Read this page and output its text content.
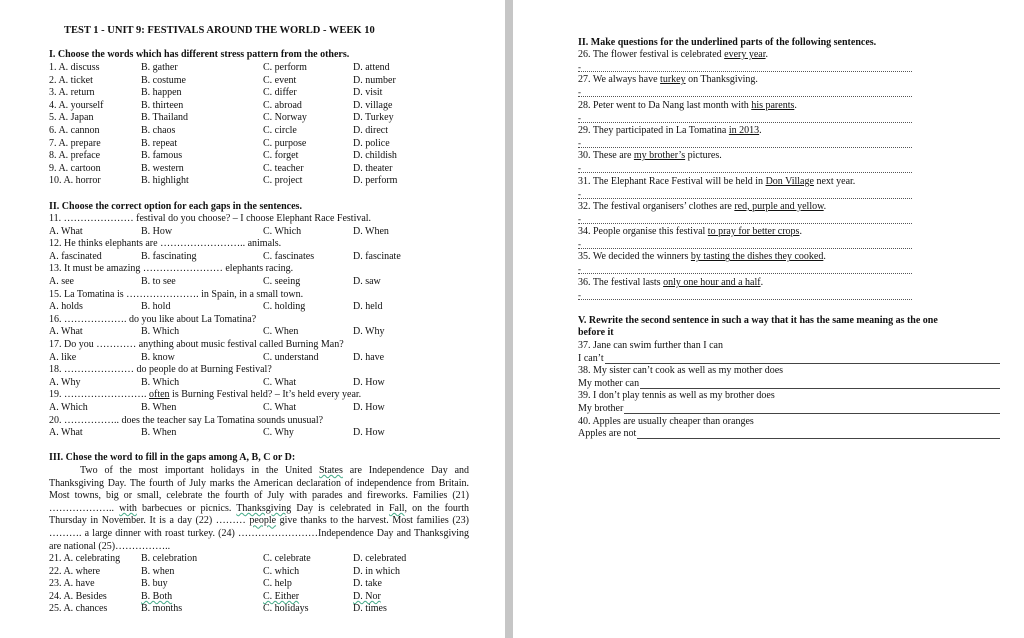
TEST 1 - UNIT 9: FESTIVALS AROUND THE WORLD - WEEK 10
I. Choose the words which has different stress pattern from the others.
1. A. discuss	B. gather	C. perform	D. attend
2. A. ticket	B. costume	C. event	D. number
3. A. return	B. happen	C. differ	D. visit
4. A. yourself	B. thirteen	C. abroad	D. village
5. A. Japan	B. Thailand	C. Norway	D. Turkey
6. A. cannon	B. chaos	C. circle	D. direct
7. A. prepare	B. repeat	C. purpose	D. police
8. A. preface	B. famous	C. forget	D. childish
9. A. cartoon	B. western	C. teacher	D. theater
10. A. horror	B. highlight	C. project	D. perform
II. Choose the correct option for each gaps in the sentences.
11. ………………… festival do you choose? – I choose Elephant Race Festival.
A. What	B. How	C. Which	D. When
12. He thinks elephants are …………………….. animals.
A. fascinated	B. fascinating	C. fascinates	D. fascinate
13. It must be amazing …………………… elephants racing.
A. see	B. to see	C. seeing	D. saw
15. La Tomatina is …………………. in Spain, in a small town.
A. holds	B. hold	C. holding	D. held
16. ………………. do you like about La Tomatina?
A. What	B. Which	C. When	D. Why
17. Do you ………… anything about music festival called Burning Man?
A. like	B. know	C. understand	D. have
18. ………………… do people do at Burning Festival?
A. Why	B. Which	C. What	D. How
19. ……………………. often is Burning Festival held? – It’s held every year.
A. Which	B. When	C. What	D. How
20. …………….. does the teacher say La Tomatina sounds unusual?
A. What	B. When	C. Why	D. How
III. Chose the word to fill in the gaps among A, B, C or D:
Two of the most important holidays in the United States are Independence Day and Thanksgiving Day. The fourth of July marks the American declaration of independence from Britain. Most towns, big or small, celebrate the fourth of July with parades and fireworks. Families (21) ……………….. with barbecues or picnics. Thanksgiving Day is celebrated in Fall, on the fourth Thursday in November. It is a day (22) ……… people give thanks to the harvest. Most families (23) ………. a large dinner with roast turkey. (24) ……………………Independence Day and Thanksgiving are national (25)……………..
21. A. celebrating B. celebration	C. celebrate	D. celebrated
22. A. where	B. when	C. which	D. in which
23. A. have	B. buy	C. help	D. take
24. A. Besides	B. Both	C. Either	D. Nor
25. A. chances	B. months	C. holidays	D. times
II. Make questions for the underlined parts of the following sentences.
26. The flower festival is celebrated every year.
-
27. We always have turkey on Thanksgiving.
-
28. Peter went to Da Nang last month with his parents.
-
29. They participated in La Tomatina in 2013.
-
30. These are my brother’s pictures.
-
31. The Elephant Race Festival will be held in Don Village next year.
-
32. The festival organisers’ clothes are red, purple and yellow.
-
34. People organise this festival to pray for better crops.
-
35. We decided the winners by tasting the dishes they cooked.
-
36. The festival lasts only one hour and a half.
-
V. Rewrite the second sentence in such a way that it has the same meaning as the one
before it
37. Jane can swim further than I can
I can’t
38. My sister can’t cook as well as my mother does
My mother can
39. I don’t play tennis as well as my brother does
My brother
40. Apples are usually cheaper than oranges
Apples are not
